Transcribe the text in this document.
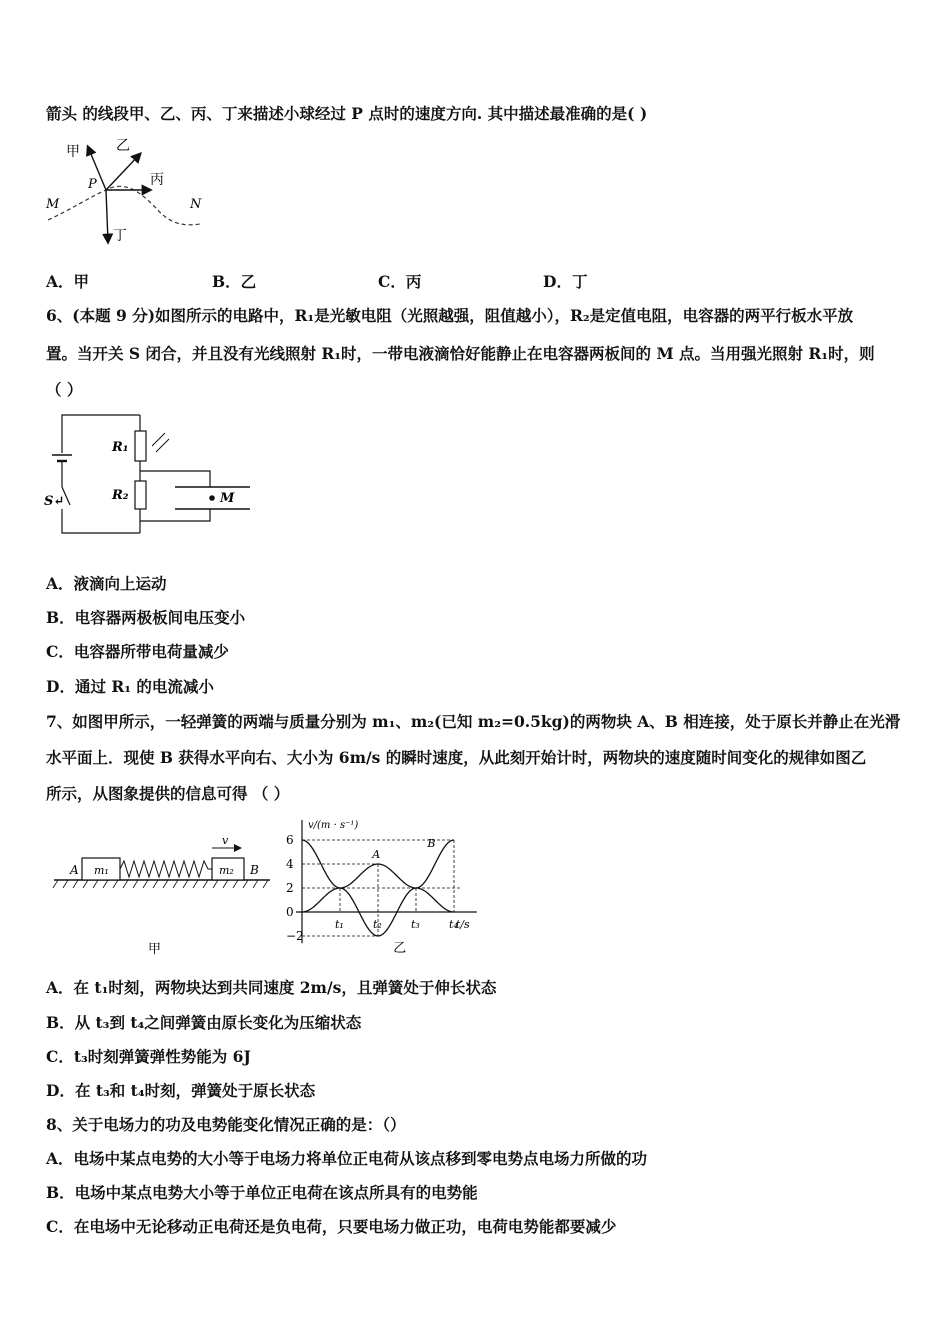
箭头 的线段甲、乙、丙、丁来描述小球经过 P 点时的速度方向. 其中描述最准确的是( )
甲	乙
丙
丁
P
M	N
A．甲	B．乙	C．丙	D．丁
6、(本题 9 分)如图所示的电路中，R₁是光敏电阻（光照越强，阻值越小），R₂是定值电阻，电容器的两平行板水平放
置。当开关 S 闭合，并且没有光线照射 R₁时，一带电液滴恰好能静止在电容器两板间的 M 点。当用强光照射 R₁时，则
（ ）
R₁
R₂
S↵	M
A．液滴向上运动
B．电容器两极板间电压变小
C．电容器所带电荷量减少
D．通过 R₁ 的电流减小
7、如图甲所示，一轻弹簧的两端与质量分别为 m₁、m₂(已知 m₂=0.5kg)的两物块 A、B 相连接，处于原长并静止在光滑
水平面上．现使 B 获得水平向右、大小为 6m/s 的瞬时速度，从此刻开始计时，两物块的速度随时间变化的规律如图乙
所示，从图象提供的信息可得 （ ）
A	B
m₁	m₂
v
甲
v/(m · s⁻¹)
t/s
6
4
2
0
−2
t₁	t₂	t₃	t₄
A
B
乙
A．在 t₁时刻，两物块达到共同速度 2m/s，且弹簧处于伸长状态
B．从 t₃到 t₄之间弹簧由原长变化为压缩状态
C．t₃时刻弹簧弹性势能为 6J
D．在 t₃和 t₄时刻，弹簧处于原长状态
8、关于电场力的功及电势能变化情况正确的是：（）
A．电场中某点电势的大小等于电场力将单位正电荷从该点移到零电势点电场力所做的功
B．电场中某点电势大小等于单位正电荷在该点所具有的电势能
C．在电场中无论移动正电荷还是负电荷，只要电场力做正功，电荷电势能都要减少
